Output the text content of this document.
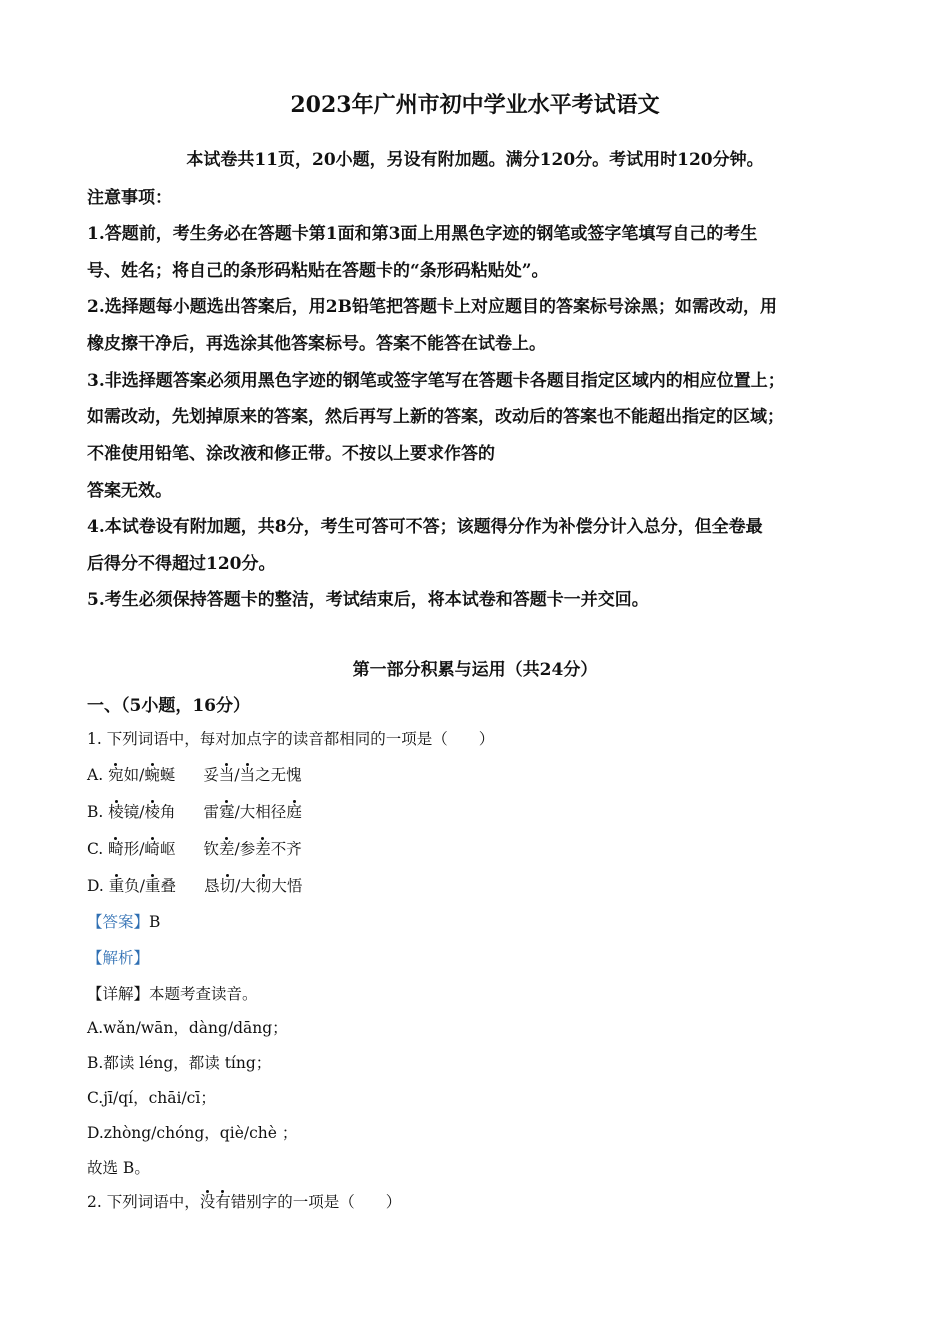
2023年广州市初中学业水平考试语文
本试卷共11页，20小题，另设有附加题。满分120分。考试用时120分钟。
注意事项：
1.答题前，考生务必在答题卡第1面和第3面上用黑色字迹的钢笔或签字笔填写自己的考生
号、姓名；将自己的条形码粘贴在答题卡的“条形码粘贴处”。
2.选择题每小题选出答案后，用2B铅笔把答题卡上对应题目的答案标号涂黑；如需改动，用
橡皮擦干净后，再选涂其他答案标号。答案不能答在试卷上。
3.非选择题答案必须用黑色字迹的钢笔或签字笔写在答题卡各题目指定区域内的相应位置上；
如需改动，先划掉原来的答案，然后再写上新的答案，改动后的答案也不能超出指定的区域；
不准使用铅笔、涂改液和修正带。不按以上要求作答的
答案无效。
4.本试卷设有附加题，共8分，考生可答可不答；该题得分作为补偿分计入总分，但全卷最
后得分不得超过120分。
5.考生必须保持答题卡的整洁，考试结束后，将本试卷和答题卡一并交回。
第一部分积累与运用（共24分）
一、（5小题，16分）
1. 下列词语中，每对加点字的读音都相同的一项是（　　）
A. 宛如/蜿蜒 妥当/当之无愧
B. 棱镜/棱角 雷霆/大相径庭
C. 畸形/崎岖 钦差/参差不齐
D. 重负/重叠 恳切/大彻大悟
【答案】B
【解析】
【详解】本题考查读音。
A.wǎn/wān，dàng/dāng；
B.都读 léng，都读 tíng；
C.jī/qí，chāi/cī；
D.zhòng/chóng，qiè/chè ；
故选 B。
2. 下列词语中，没有错别字的一项是（　　）
